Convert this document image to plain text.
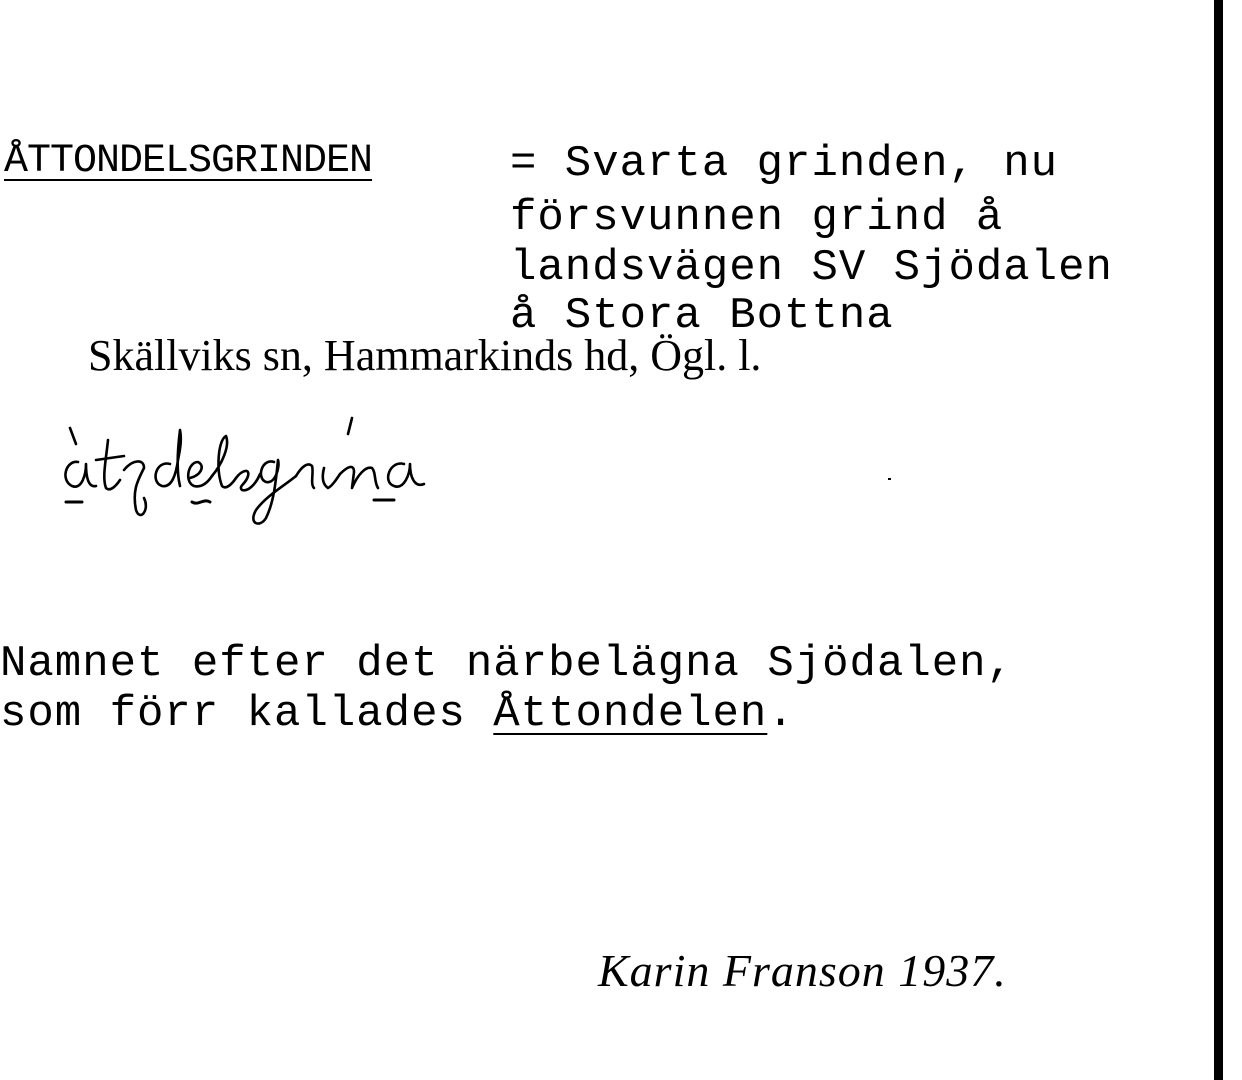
ÅTTONDELSGRINDEN	= Svarta grinden, nu
försvunnen grind å
landsvägen SV Sjödalen
å Stora Bottna
Skällviks sn, Hammarkinds hd, Ögl. l.
Namnet efter det närbelägna Sjödalen,
som förr kallades Åttondelen.
Karin Franson 1937.
